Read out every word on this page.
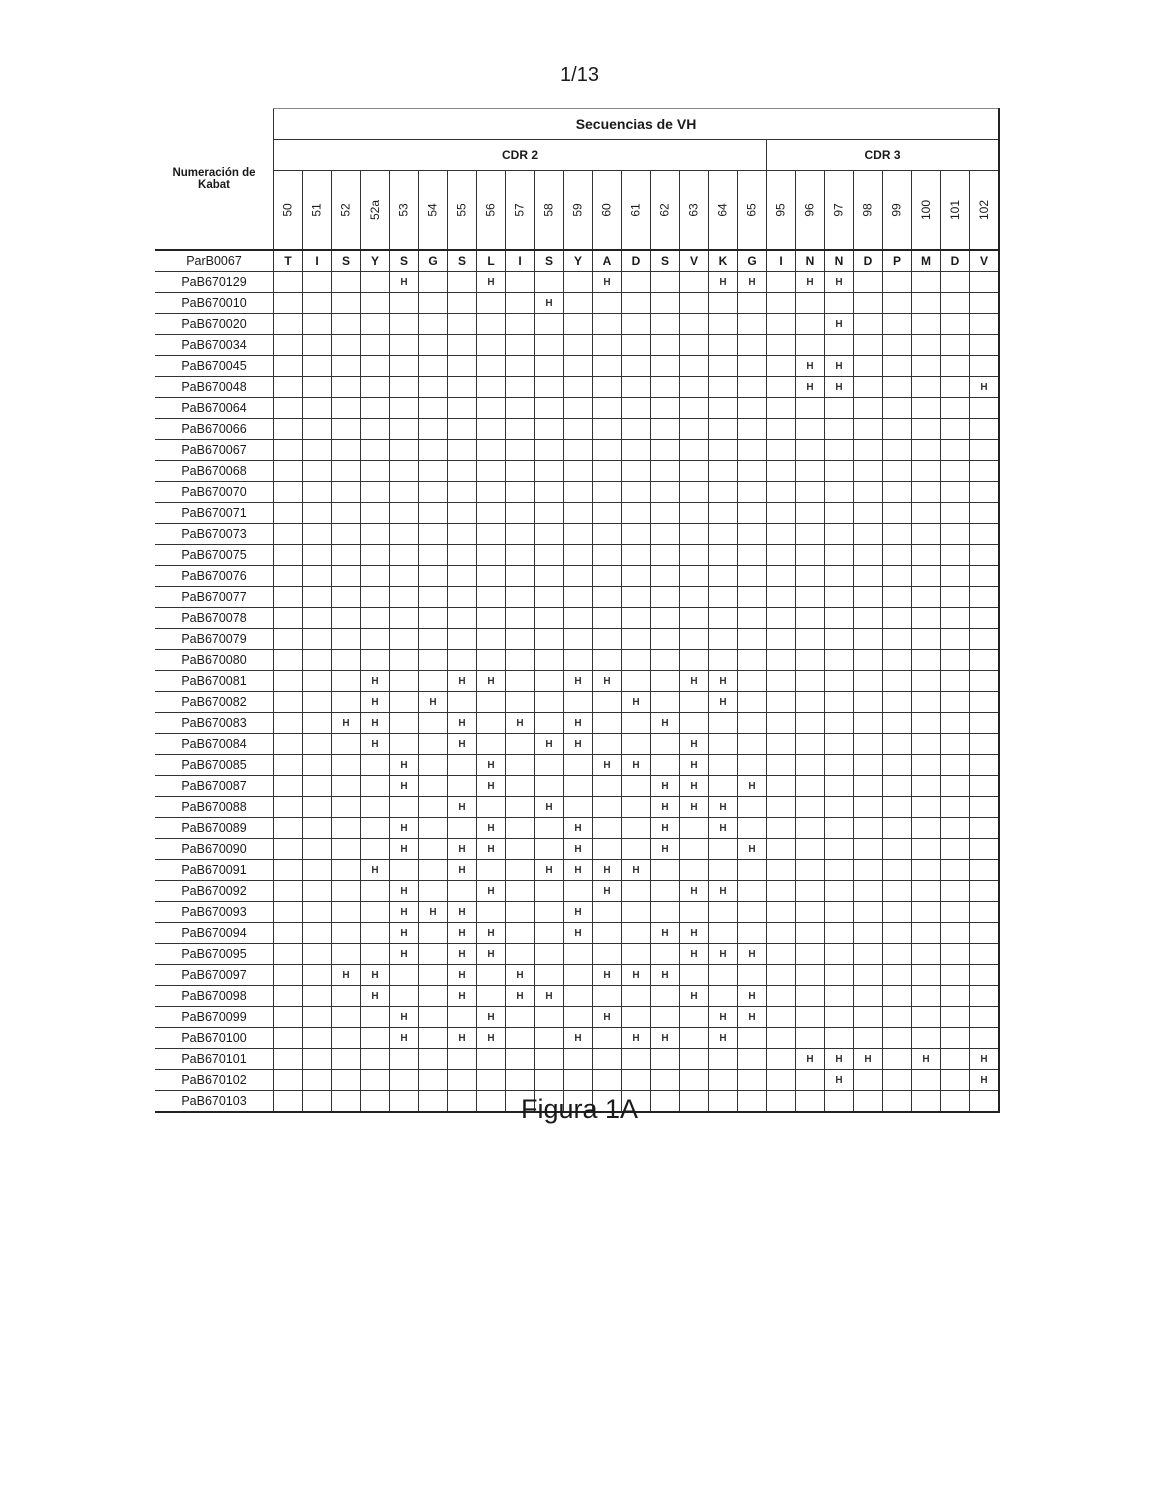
1/13
Numeración de Kabat	Secuencias de VH																								
	CDR 2																	CDR 3							
	50	51	52	52a	53	54	55	56	57	58	59	60	61	62	63	64	65	95	96	97	98	99	100	101	102
ParB0067	T	I	S	Y	S	G	S	L	I	S	Y	A	D	S	V	K	G	I	N	N	D	P	M	D	V
PaB670129					H			H				H				H	H		H	H					
PaB670010										H															
PaB670020																				H					
PaB670034																									
PaB670045																			H	H					
PaB670048																			H	H					H
PaB670064																									
PaB670066																									
PaB670067																									
PaB670068																									
PaB670070																									
PaB670071																									
PaB670073																									
PaB670075																									
PaB670076																									
PaB670077																									
PaB670078																									
PaB670079																									
PaB670080																									
PaB670081				H			H	H			H	H			H	H									
PaB670082				H		H							H			H									
PaB670083			H	H			H		H		H			H											
PaB670084				H			H			H	H				H										
PaB670085					H			H				H	H		H										
PaB670087					H			H						H	H		H								
PaB670088							H			H				H	H	H									
PaB670089					H			H			H			H		H									
PaB670090					H		H	H			H			H			H								
PaB670091				H			H			H	H	H	H												
PaB670092					H			H				H			H	H									
PaB670093					H	H	H				H														
PaB670094					H		H	H			H			H	H										
PaB670095					H		H	H							H	H	H								
PaB670097			H	H			H		H			H	H	H											
PaB670098				H			H		H	H					H		H								
PaB670099					H			H				H				H	H								
PaB670100					H		H	H			H		H	H		H									
PaB670101																			H	H	H		H		H
PaB670102																				H					H
PaB670103																										Figura 1A
